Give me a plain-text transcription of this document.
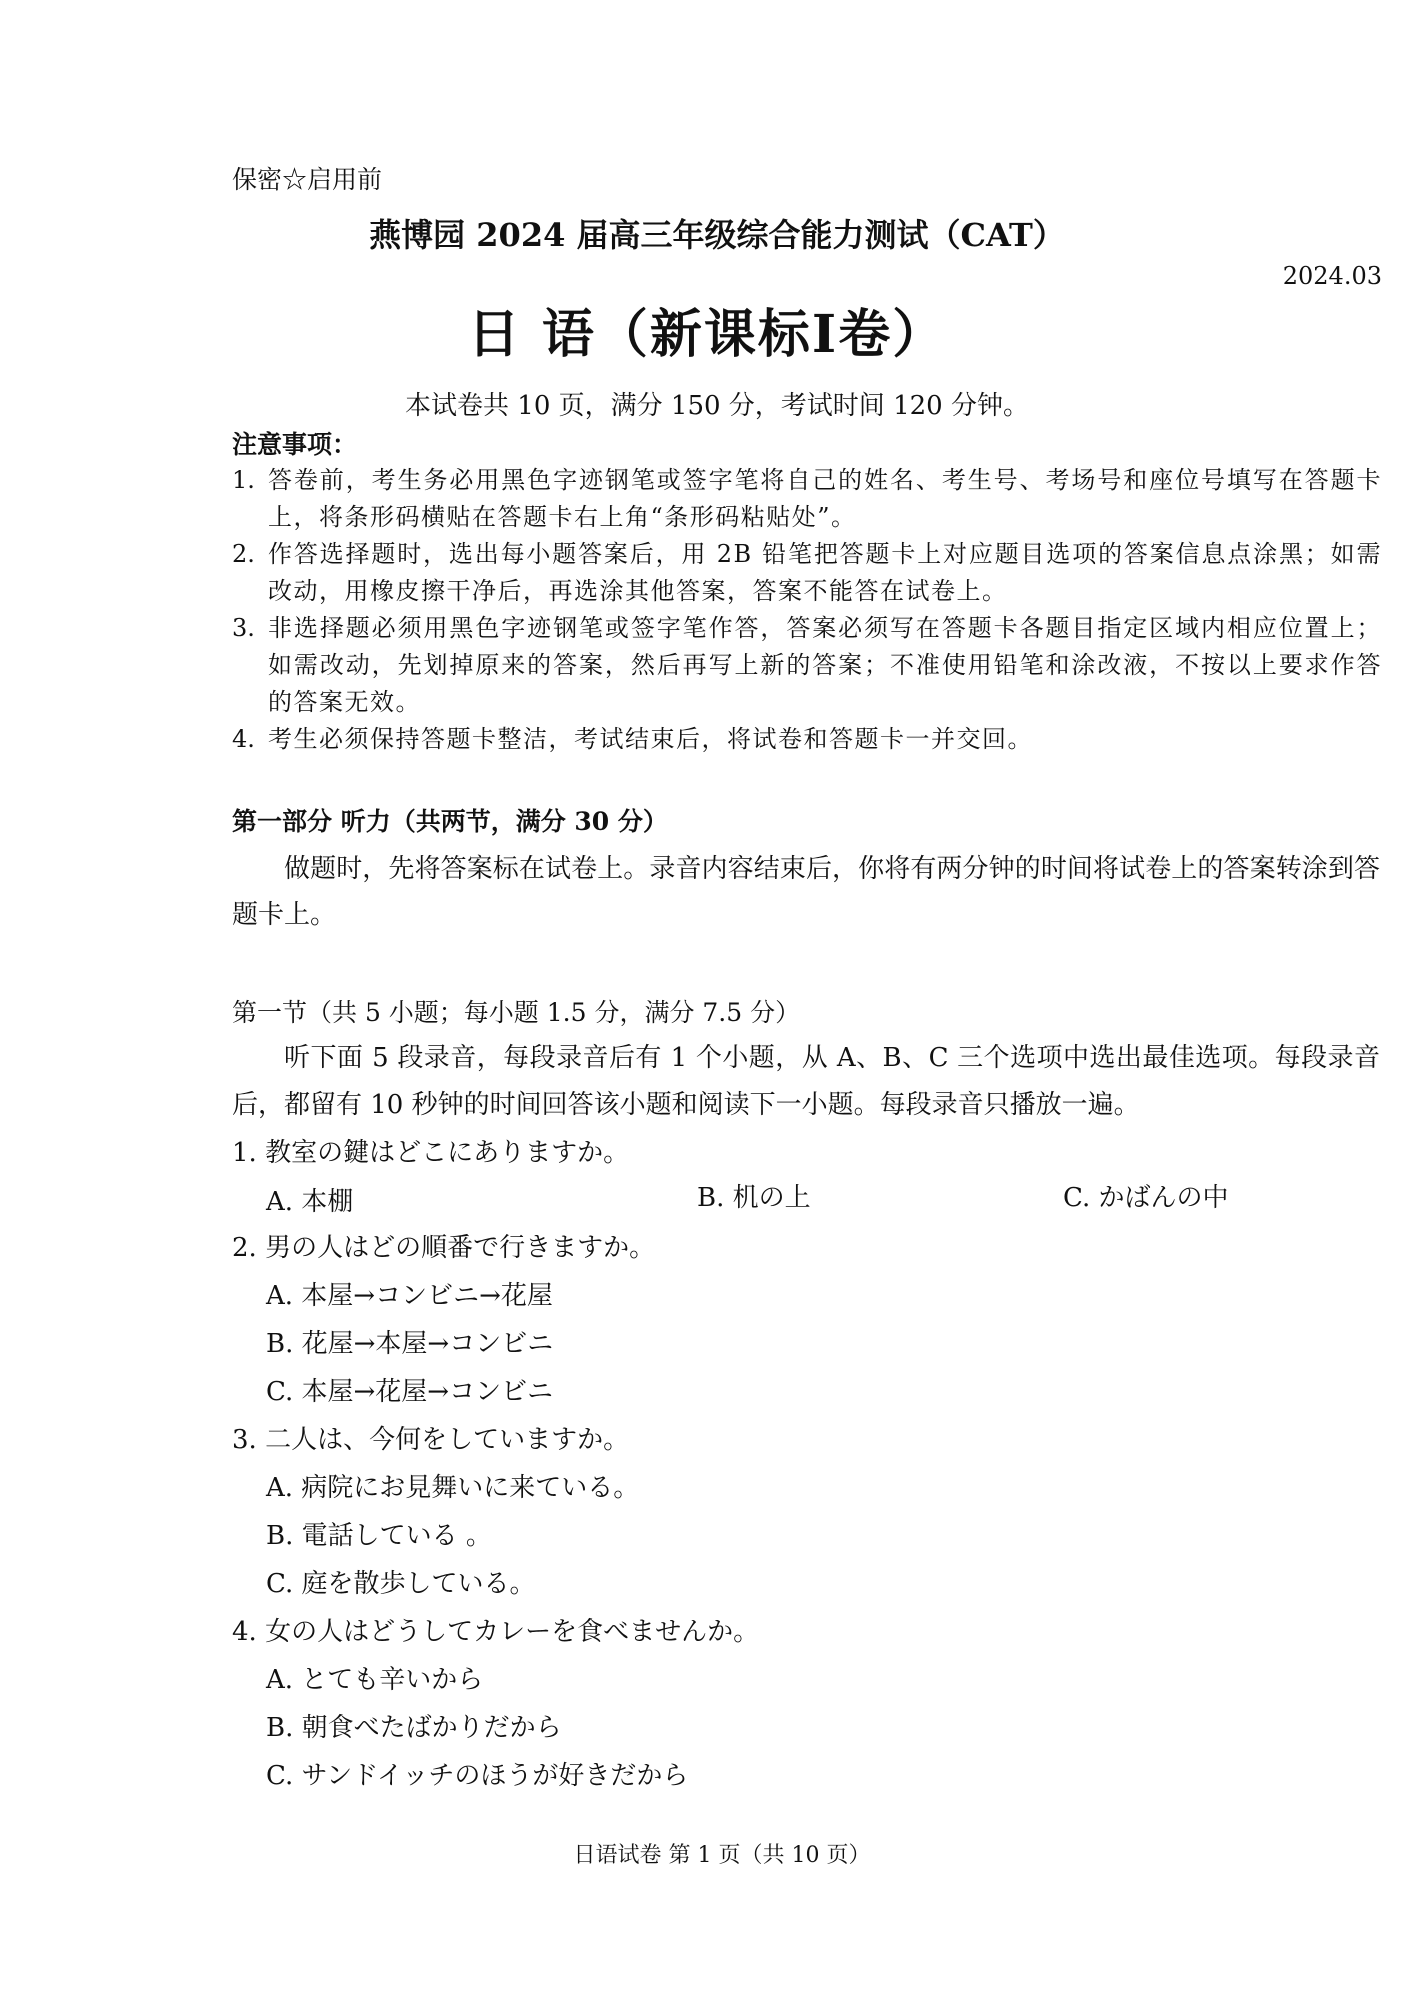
保密☆启用前
燕博园 2024 届高三年级综合能力测试（CAT）
2024.03
日 语（新课标Ⅰ卷）
本试卷共 10 页，满分 150 分，考试时间 120 分钟。
注意事项：
1. 答卷前，考生务必用黑色字迹钢笔或签字笔将自己的姓名、考生号、考场号和座位号填写在答题卡上，将条形码横贴在答题卡右上角“条形码粘贴处”。
2. 作答选择题时，选出每小题答案后，用 2B 铅笔把答题卡上对应题目选项的答案信息点涂黑；如需改动，用橡皮擦干净后，再选涂其他答案，答案不能答在试卷上。
3. 非选择题必须用黑色字迹钢笔或签字笔作答，答案必须写在答题卡各题目指定区域内相应位置上；如需改动，先划掉原来的答案，然后再写上新的答案；不准使用铅笔和涂改液，不按以上要求作答的答案无效。
4. 考生必须保持答题卡整洁，考试结束后，将试卷和答题卡一并交回。
第一部分 听力（共两节，满分 30 分）
做题时，先将答案标在试卷上。录音内容结束后，你将有两分钟的时间将试卷上的答案转涂到答题卡上。
第一节（共 5 小题；每小题 1.5 分，满分 7.5 分）
听下面 5 段录音，每段录音后有 1 个小题，从 A、B、C 三个选项中选出最佳选项。每段录音后，都留有 10 秒钟的时间回答该小题和阅读下一小题。每段录音只播放一遍。
1. 教室の鍵はどこにありますか。
A. 本棚	B. 机の上	C. かばんの中
2. 男の人はどの順番で行きますか。
A. 本屋→コンビニ→花屋
B. 花屋→本屋→コンビニ
C. 本屋→花屋→コンビニ
3. 二人は、今何をしていますか。
A. 病院にお見舞いに来ている。
B. 電話している 。
C. 庭を散歩している。
4. 女の人はどうしてカレーを食べませんか。
A. とても辛いから
B. 朝食べたばかりだから
C. サンドイッチのほうが好きだから
日语试卷 第 1 页（共 10 页）
